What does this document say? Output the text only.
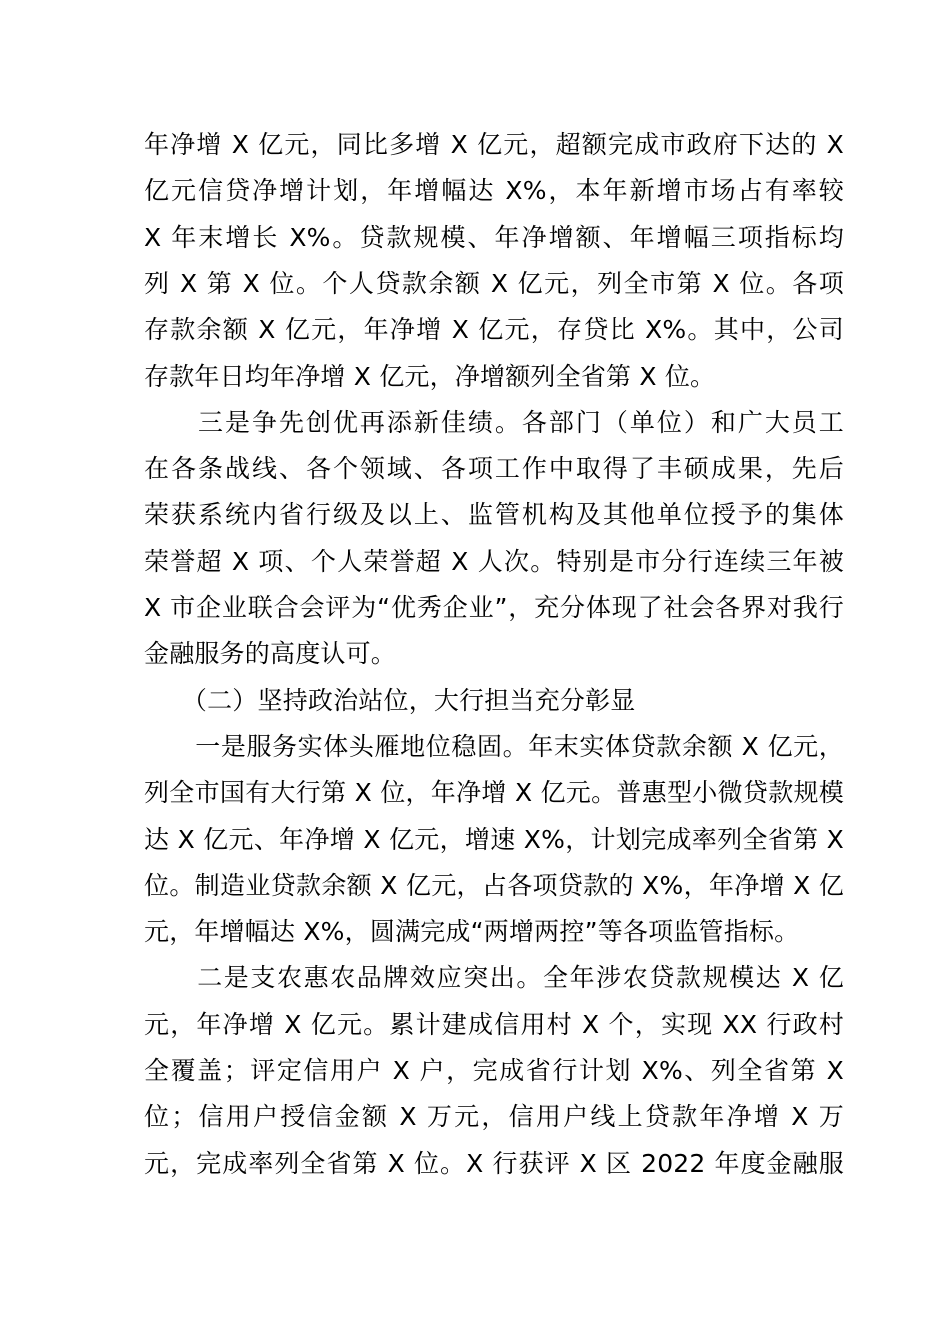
年净增 X 亿元，同比多增 X 亿元，超额完成市政府下达的 X
亿元信贷净增计划，年增幅达 X%，本年新增市场占有率较
X 年末增长 X%。贷款规模、年净增额、年增幅三项指标均
列 X 第 X 位。个人贷款余额 X 亿元，列全市第 X 位。各项
存款余额 X 亿元，年净增 X 亿元，存贷比 X%。其中，公司
存款年日均年净增 X 亿元，净增额列全省第 X 位。
　　三是争先创优再添新佳绩。各部门（单位）和广大员工
在各条战线、各个领域、各项工作中取得了丰硕成果，先后
荣获系统内省行级及以上、监管机构及其他单位授予的集体
荣誉超 X 项、个人荣誉超 X 人次。特别是市分行连续三年被
X 市企业联合会评为“优秀企业”，充分体现了社会各界对我行
金融服务的高度认可。
　　（二）坚持政治站位，大行担当充分彰显
　　一是服务实体头雁地位稳固。年末实体贷款余额 X 亿元，
列全市国有大行第 X 位，年净增 X 亿元。普惠型小微贷款规模
达 X 亿元、年净增 X 亿元，增速 X%，计划完成率列全省第 X
位。制造业贷款余额 X 亿元，占各项贷款的 X%，年净增 X 亿
元，年增幅达 X%，圆满完成“两增两控”等各项监管指标。
　　二是支农惠农品牌效应突出。全年涉农贷款规模达 X 亿
元，年净增 X 亿元。累计建成信用村 X 个，实现 XX 行政村
全覆盖；评定信用户 X 户，完成省行计划 X%、列全省第 X
位；信用户授信金额 X 万元，信用户线上贷款年净增 X 万
元，完成率列全省第 X 位。X 行获评 X 区 2022 年度金融服
